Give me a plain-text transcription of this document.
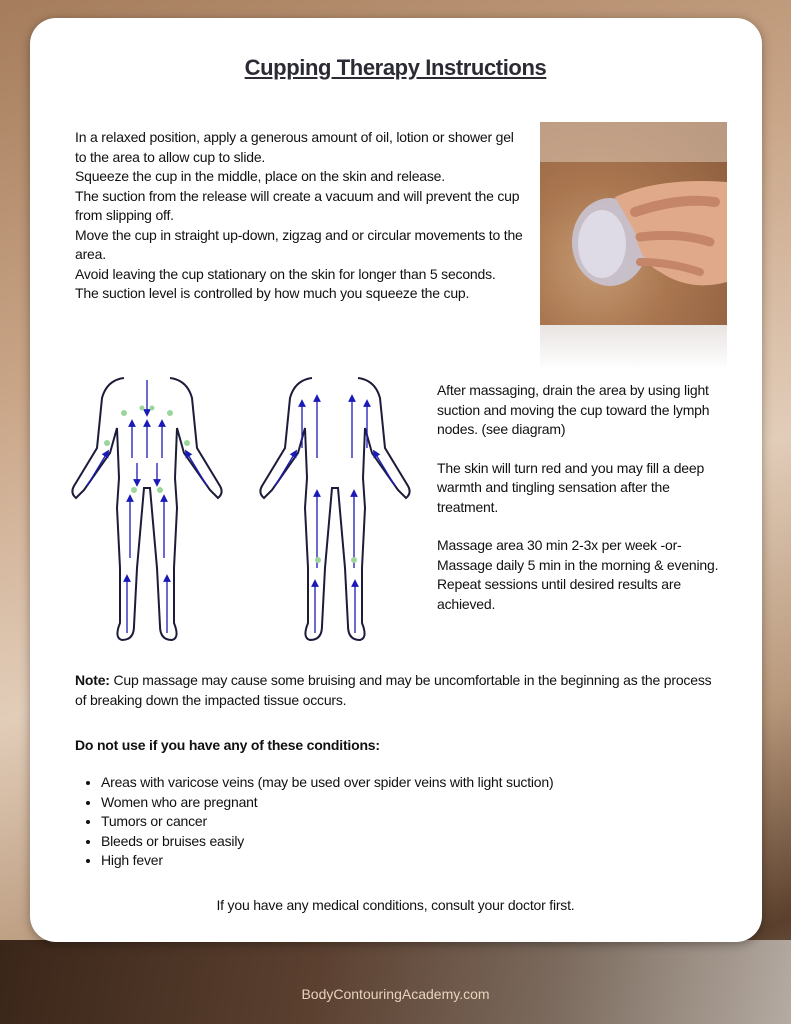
Cupping Therapy Instructions
In a relaxed position, apply a generous amount of oil, lotion or shower gel to the area to allow cup to slide.
Squeeze the cup in the middle, place on the skin and release.
The suction from the release will create a vacuum and will prevent the cup from slipping off.
Move the cup in straight up-down, zigzag and or circular movements to the area.
Avoid leaving the cup stationary on the skin for longer than 5 seconds.
The suction level is controlled by how much you squeeze the cup.

After massaging, drain the area by using light suction and moving the cup toward the lymph nodes. (see diagram)

The skin will turn red and you may fill a deep warmth and tingling sensation after the treatment.

Massage area 30 min 2-3x per week -or- Massage daily 5 min in the morning & evening. Repeat sessions until desired results are achieved.

Note: Cup massage may cause some bruising and may be uncomfortable in the beginning as the process of breaking down the impacted tissue occurs.
Do not use if you have any of these conditions:
• Areas with varicose veins (may be used over spider veins with light suction)
• Women who are pregnant
• Tumors or cancer
• Bleeds or bruises easily
• High fever
If you have any medical conditions, consult your doctor first.
BodyContouringAcademy.com
